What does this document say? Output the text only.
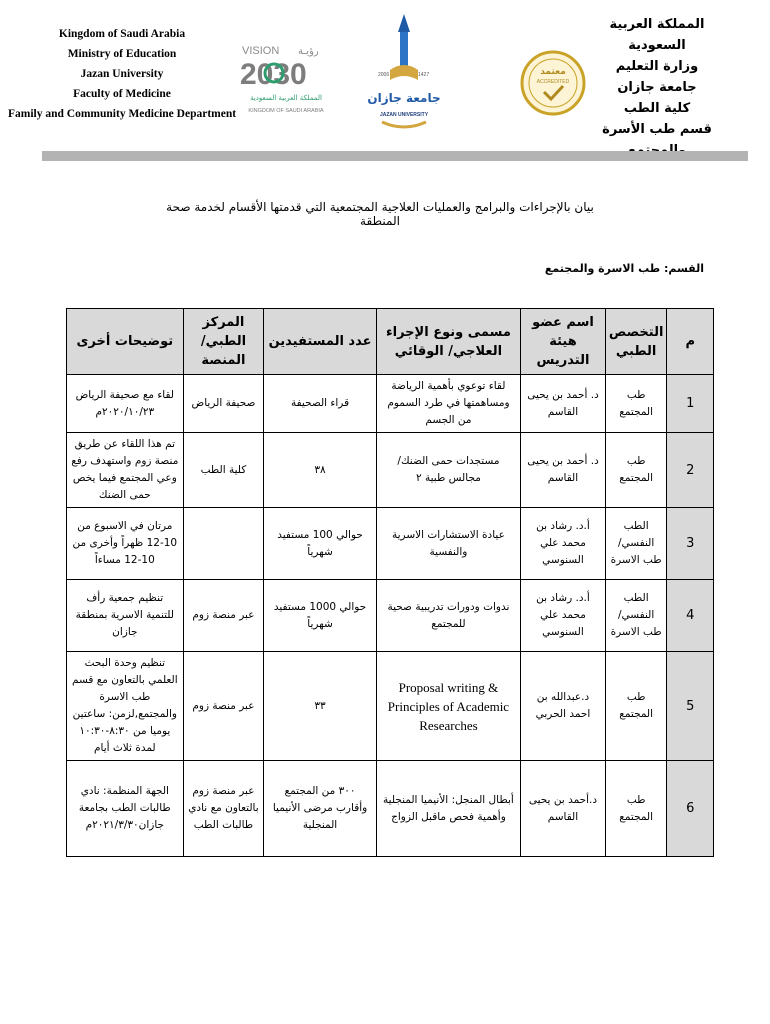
Kingdom of Saudi Arabia
Ministry of Education
Jazan University
Faculty of Medicine
Family and Community Medicine Department
VISION رؤيـة
2030
المملكة العربية السعودية
KINGDOM OF SAUDI ARABIA
2006	1427
جامعة جازان
JAZAN UNIVERSITY
معتمد
ACCREDITED
المملكة العربية السعودية
وزارة التعليم
جامعة جازان
كلية الطب
قسم طب الأسرة
بيان بالإجراءات والبرامج والعمليات العلاجية المجتمعية التي قدمتها الأقسام لخدمة صحة المنطقة
القسم: طب الاسرة والمجتمع
م	التخصص الطبي	اسم عضو هيئة التدريس	مسمى ونوع الإجراء العلاجي/ الوقائي	عدد المستفيدين	المركز الطبي/المنصة	توضيحات أخرى
1	طب المجتمع	د. أحمد بن يحيى القاسم	لقاء توعوي بأهمية الرياضة ومساهمتها في طرد السموم من الجسم	قراء الصحيفة	صحيفة الرياض	لقاء مع صحيفة الرياض ٢٠٢٠/١٠/٢٣م
2	طب المجتمع	د. أحمد بن يحيى القاسم	مستجدات حمى الضنك/ مجالس طبية ٢	٣٨	كلية الطب	تم هذا اللقاء عن طريق منصة زوم واستهدف رفع وعي المجتمع فيما يخص حمى الضنك
3	الطب النفسي/طب الاسرة	أ.د. رشاد بن محمد علي السنوسي	عيادة الاستشارات الاسرية والنفسية	حوالي 100 مستفيد شهرياً		مرتان في الاسبوع من 10-12 ظهراً وأخرى من 10-12 مساءاً
4	الطب النفسي/طب الاسرة	أ.د. رشاد بن محمد علي السنوسي	ندوات ودورات تدريبية صحية للمجتمع	حوالي 1000 مستفيد شهرياً	عبر منصة زوم	تنظيم جمعية رأف للتنمية الاسرية بمنطقة جازان
5	طب المجتمع	د.عبدالله بن احمد الحربي	Proposal writing & Principles of Academic Researches	٣٣	عبر منصة زوم	تنظيم وحدة البحث العلمي بالتعاون مع قسم طب الاسرة والمجتمع,لزمن: ساعتين يوميا من ٨:٣٠-١٠:٣٠ لمدة ثلاث أيام
6	طب المجتمع	د.أحمد بن يحيى القاسم	أبطال المنجل: الأنيميا المنجلية وأهمية فحص ماقبل الزواج	٣٠٠ من المجتمع وأقارب مرضى الأنيميا المنجلية	عبر منصة زوم بالتعاون مع نادي طالبات الطب	الجهة المنظمة: نادي طالبات الطب بجامعة جازان٢٠٢١/٣/٣٠م
